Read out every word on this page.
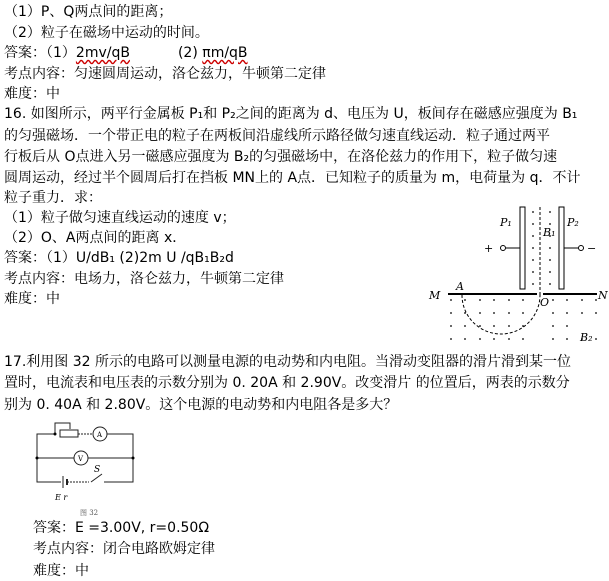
（1）P、Q两点间的距离；
（2）粒子在磁场中运动的时间。
答案：（1）2mv/qB	(2) πm/qB
考点内容：匀速圆周运动，洛仑兹力，牛顿第二定律
难度：中
16. 如图所示，两平行金属板 P₁和 P₂之间的距离为 d、电压为 U，板间存在磁感应强度为 B₁
的匀强磁场．一个带正电的粒子在两板间沿虚线所示路径做匀速直线运动．粒子通过两平
行板后从 O点进入另一磁感应强度为 B₂的匀强磁场中，在洛伦兹力的作用下，粒子做匀速
圆周运动，经过半个圆周后打在挡板 MN上的 A点．已知粒子的质量为 m，电荷量为 q．不计
粒子重力．求：
（1）粒子做匀速直线运动的速度 v；
（2）O、A两点间的距离 x．
答案：（1）U/dB₁ (2)2m U /qB₁B₂d
考点内容：电场力，洛仑兹力，牛顿第二定律
难度：中
P₁	P₂
B₁
+	−
M	N
A
O
B₂
17.利用图 32 所示的电路可以测量电源的电动势和内电阻。当滑动变阻器的滑片滑到某一位
置时，电流表和电压表的示数分别为 0. 20A 和 2.90V。改变滑片 的位置后，两表的示数分
别为 0. 40A 和 2.80V。这个电源的电动势和内电阻各是多大？
A
V
S
E r
图 32
答案：E =3.00V, r=0.50Ω
考点内容：闭合电路欧姆定律
难度：中
